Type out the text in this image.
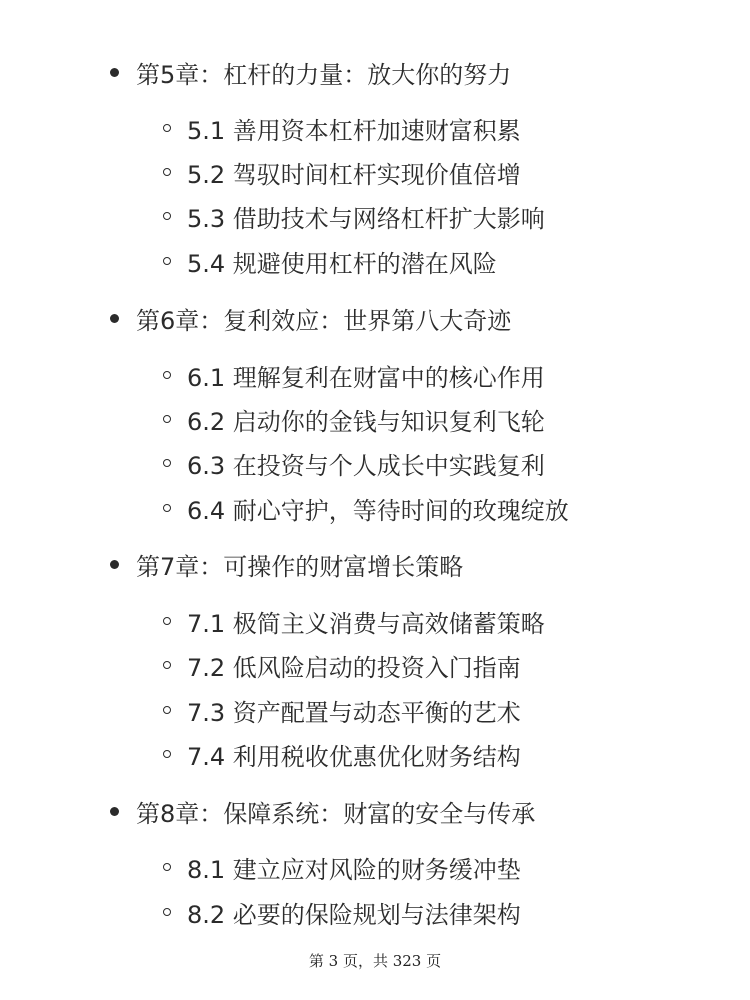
第5章：杠杆的力量：放大你的努力
5.1 善用资本杠杆加速财富积累
5.2 驾驭时间杠杆实现价值倍增
5.3 借助技术与网络杠杆扩大影响
5.4 规避使用杠杆的潜在风险
第6章：复利效应：世界第八大奇迹
6.1 理解复利在财富中的核心作用
6.2 启动你的金钱与知识复利飞轮
6.3 在投资与个人成长中实践复利
6.4 耐心守护，等待时间的玫瑰绽放
第7章：可操作的财富增长策略
7.1 极简主义消费与高效储蓄策略
7.2 低风险启动的投资入门指南
7.3 资产配置与动态平衡的艺术
7.4 利用税收优惠优化财务结构
第8章：保障系统：财富的安全与传承
8.1 建立应对风险的财务缓冲垫
8.2 必要的保险规划与法律架构
第 3 页，共 323 页
